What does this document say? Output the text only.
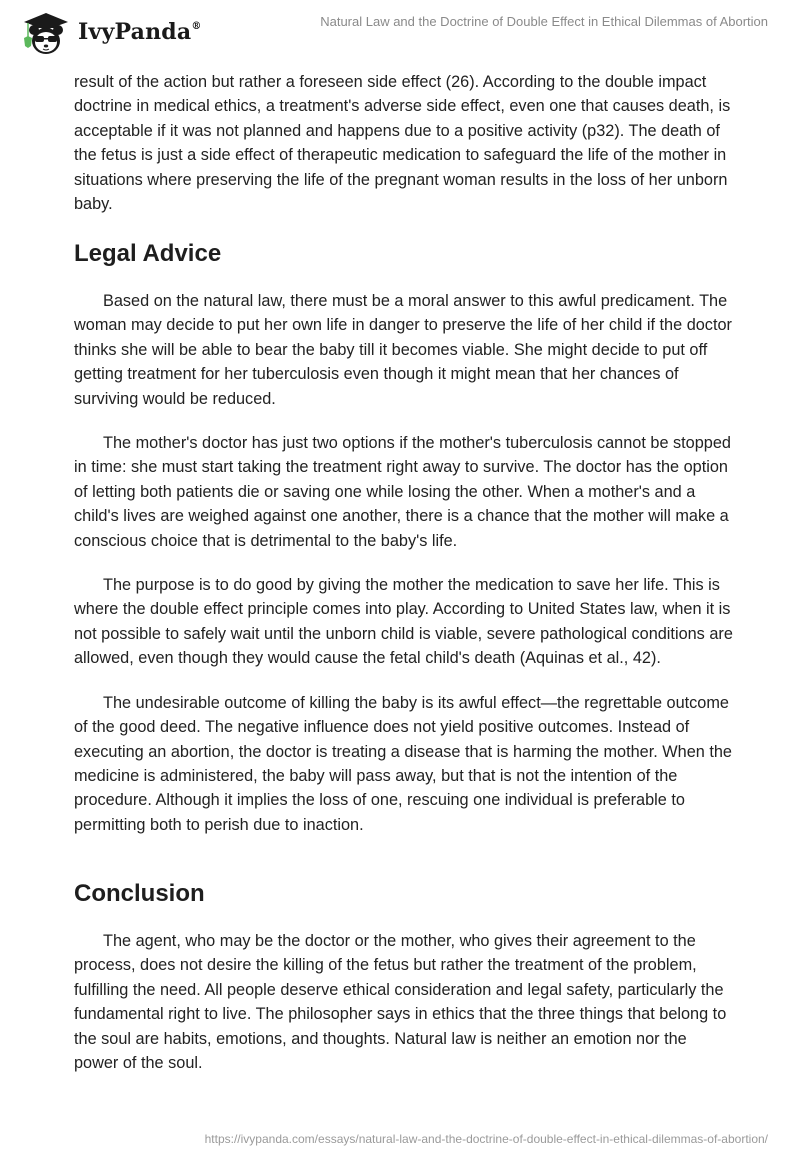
IvyPanda®	Natural Law and the Doctrine of Double Effect in Ethical Dilemmas of Abortion

result of the action but rather a foreseen side effect (26). According to the double impact doctrine in medical ethics, a treatment's adverse side effect, even one that causes death, is acceptable if it was not planned and happens due to a positive activity (p32). The death of the fetus is just a side effect of therapeutic medication to safeguard the life of the mother in situations where preserving the life of the pregnant woman results in the loss of her unborn baby.

Legal Advice

Based on the natural law, there must be a moral answer to this awful predicament. The woman may decide to put her own life in danger to preserve the life of her child if the doctor thinks she will be able to bear the baby till it becomes viable. She might decide to put off getting treatment for her tuberculosis even though it might mean that her chances of surviving would be reduced.

The mother's doctor has just two options if the mother's tuberculosis cannot be stopped in time: she must start taking the treatment right away to survive. The doctor has the option of letting both patients die or saving one while losing the other. When a mother's and a child's lives are weighed against one another, there is a chance that the mother will make a conscious choice that is detrimental to the baby's life.

The purpose is to do good by giving the mother the medication to save her life. This is where the double effect principle comes into play. According to United States law, when it is not possible to safely wait until the unborn child is viable, severe pathological conditions are allowed, even though they would cause the fetal child's death (Aquinas et al., 42).

The undesirable outcome of killing the baby is its awful effect—the regrettable outcome of the good deed. The negative influence does not yield positive outcomes. Instead of executing an abortion, the doctor is treating a disease that is harming the mother. When the medicine is administered, the baby will pass away, but that is not the intention of the procedure. Although it implies the loss of one, rescuing one individual is preferable to permitting both to perish due to inaction.

Conclusion

The agent, who may be the doctor or the mother, who gives their agreement to the process, does not desire the killing of the fetus but rather the treatment of the problem, fulfilling the need. All people deserve ethical consideration and legal safety, particularly the fundamental right to live. The philosopher says in ethics that the three things that belong to the soul are habits, emotions, and thoughts. Natural law is neither an emotion nor the power of the soul.

https://ivypanda.com/essays/natural-law-and-the-doctrine-of-double-effect-in-ethical-dilemmas-of-abortion/
